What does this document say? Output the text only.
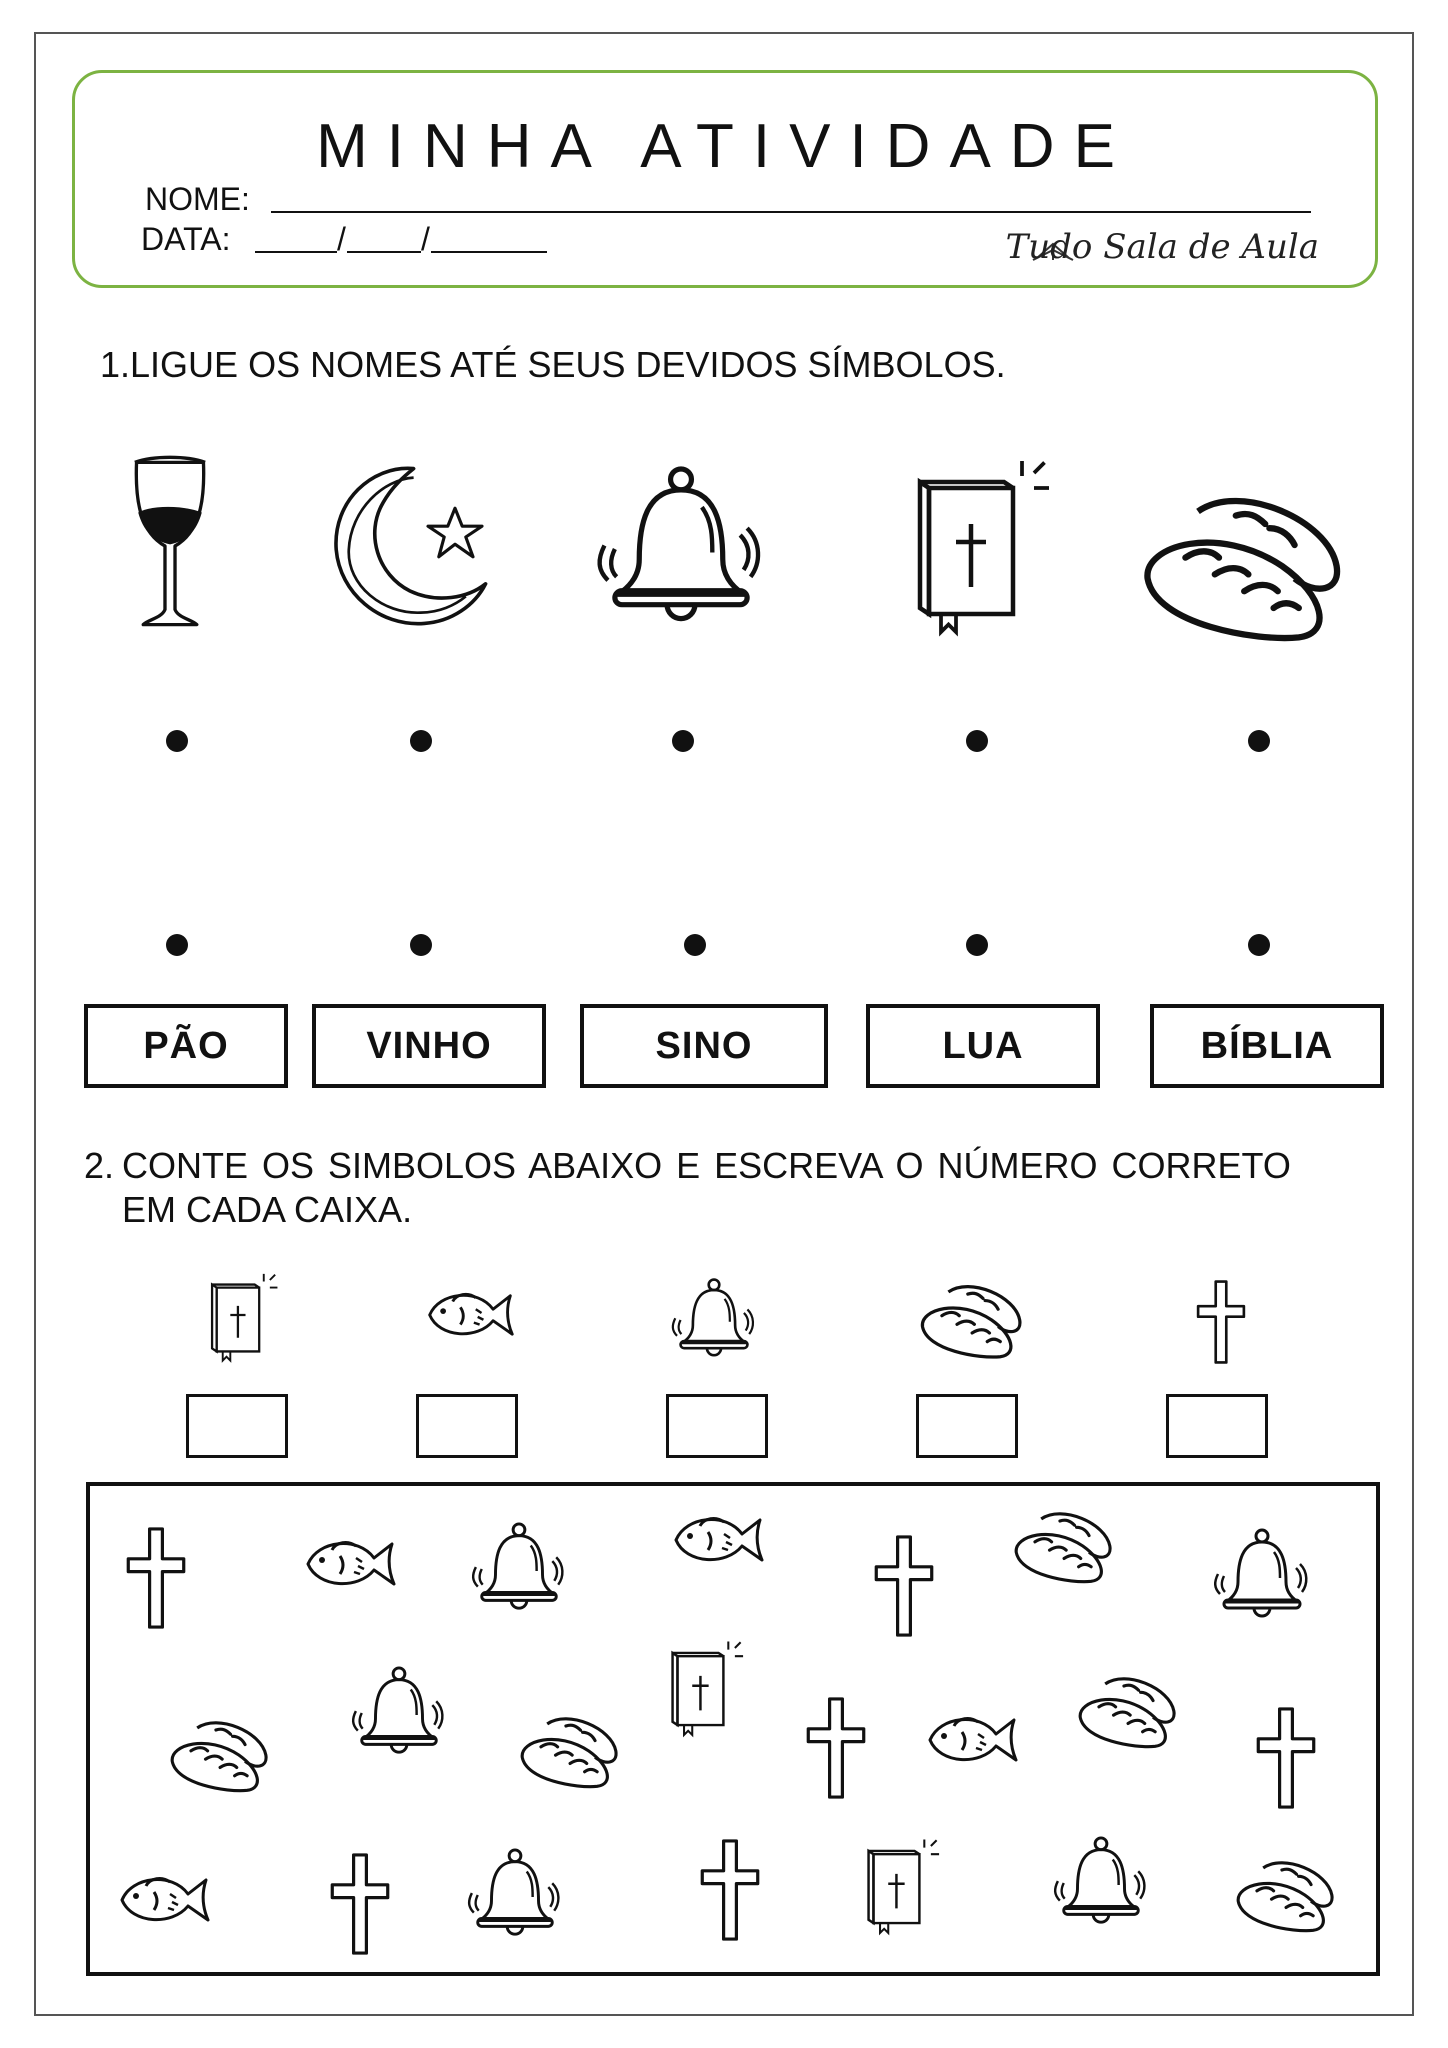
MINHA ATIVIDADE
NOME:
DATA:	/ /	Tudo Sala de Aula
1.LIGUE OS NOMES ATÉ SEUS DEVIDOS SÍMBOLOS.
PÃO	VINHO	SINO	LUA	BÍBLIA
2. CONTE OS SIMBOLOS ABAIXO E ESCREVA O NÚMERO CORRETO
EM CADA CAIXA.
